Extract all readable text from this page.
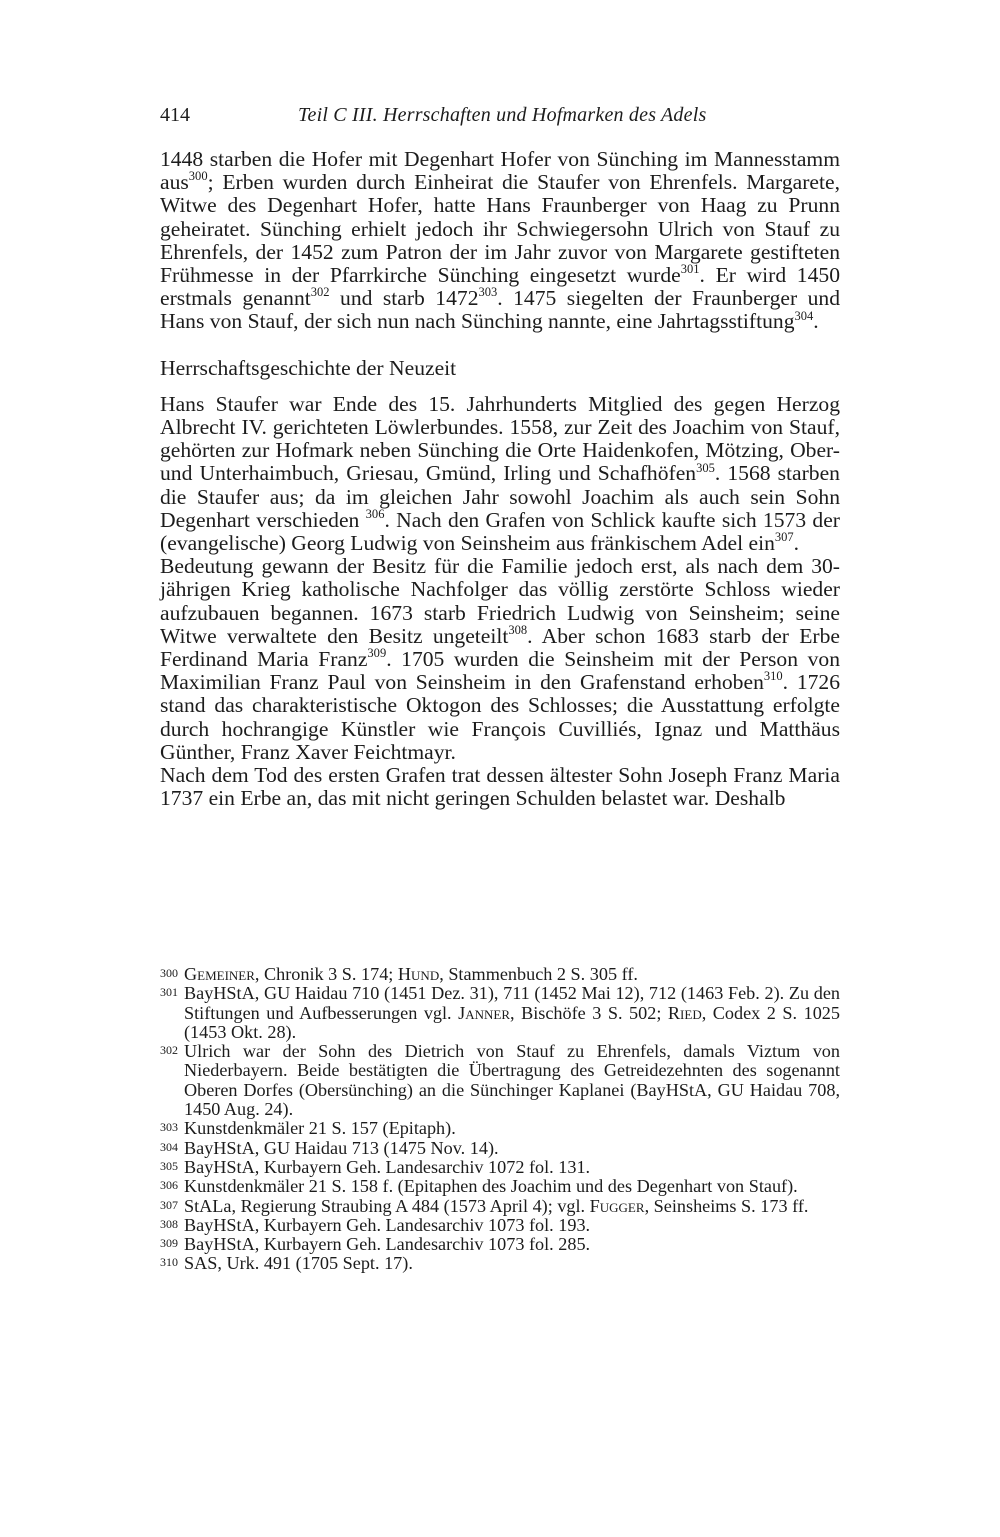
414	Teil C III. Herrschaften und Hofmarken des Adels

1448 starben die Hofer mit Degenhart Hofer von Sünching im Mannesstamm aus$^{300}$; Erben wurden durch Einheirat die Staufer von Ehrenfels. Margarete, Witwe des Degenhart Hofer, hatte Hans Fraunberger von Haag zu Prunn geheiratet. Sünching erhielt jedoch ihr Schwiegersohn Ulrich von Stauf zu Ehrenfels, der 1452 zum Patron der im Jahr zuvor von Margarete gestifteten Frühmesse in der Pfarrkirche Sünching eingesetzt wurde$^{301}$. Er wird 1450 erstmals genannt$^{302}$ und starb 1472$^{303}$. 1475 siegelten der Fraunberger und Hans von Stauf, der sich nun nach Sünching nannte, eine Jahrtagsstiftung$^{304}$.

Herrschaftsgeschichte der Neuzeit

Hans Staufer war Ende des 15. Jahrhunderts Mitglied des gegen Herzog Albrecht IV. gerichteten Löwlerbundes. 1558, zur Zeit des Joachim von Stauf, gehörten zur Hofmark neben Sünching die Orte Haidenkofen, Mötzing, Ober- und Unterhaimbuch, Griesau, Gmünd, Irling und Schafhöfen$^{305}$. 1568 starben die Staufer aus; da im gleichen Jahr sowohl Joachim als auch sein Sohn Degenhart verschieden $^{306}$. Nach den Grafen von Schlick kaufte sich 1573 der (evangelische) Georg Ludwig von Seinsheim aus fränkischem Adel ein$^{307}$.

Bedeutung gewann der Besitz für die Familie jedoch erst, als nach dem 30-jährigen Krieg katholische Nachfolger das völlig zerstörte Schloss wieder aufzubauen begannen. 1673 starb Friedrich Ludwig von Seinsheim; seine Witwe verwaltete den Besitz ungeteilt$^{308}$. Aber schon 1683 starb der Erbe Ferdinand Maria Franz$^{309}$. 1705 wurden die Seinsheim mit der Person von Maximilian Franz Paul von Seinsheim in den Grafenstand erhoben$^{310}$. 1726 stand das charakteristische Oktogon des Schlosses; die Ausstattung erfolgte durch hochrangige Künstler wie François Cuvilliés, Ignaz und Matthäus Günther, Franz Xaver Feichtmayr.

Nach dem Tod des ersten Grafen trat dessen ältester Sohn Joseph Franz Maria 1737 ein Erbe an, das mit nicht geringen Schulden belastet war. Deshalb

300 Gemeiner, Chronik 3 S. 174; Hund, Stammenbuch 2 S. 305 ff.
301 BayHStA, GU Haidau 710 (1451 Dez. 31), 711 (1452 Mai 12), 712 (1463 Feb. 2). Zu den Stiftungen und Aufbesserungen vgl. Janner, Bischöfe 3 S. 502; Ried, Codex 2 S. 1025 (1453 Okt. 28).
302 Ulrich war der Sohn des Dietrich von Stauf zu Ehrenfels, damals Viztum von Niederbayern. Beide bestätigten die Übertragung des Getreidezehnten des sogenannt Oberen Dorfes (Obersünching) an die Sünchinger Kaplanei (BayHStA, GU Haidau 708, 1450 Aug. 24).
303 Kunstdenkmäler 21 S. 157 (Epitaph).
304 BayHStA, GU Haidau 713 (1475 Nov. 14).
305 BayHStA, Kurbayern Geh. Landesarchiv 1072 fol. 131.
306 Kunstdenkmäler 21 S. 158 f. (Epitaphen des Joachim und des Degenhart von Stauf).
307 StALa, Regierung Straubing A 484 (1573 April 4); vgl. Fugger, Seinsheims S. 173 ff.
308 BayHStA, Kurbayern Geh. Landesarchiv 1073 fol. 193.
309 BayHStA, Kurbayern Geh. Landesarchiv 1073 fol. 285.
310 SAS, Urk. 491 (1705 Sept. 17).
